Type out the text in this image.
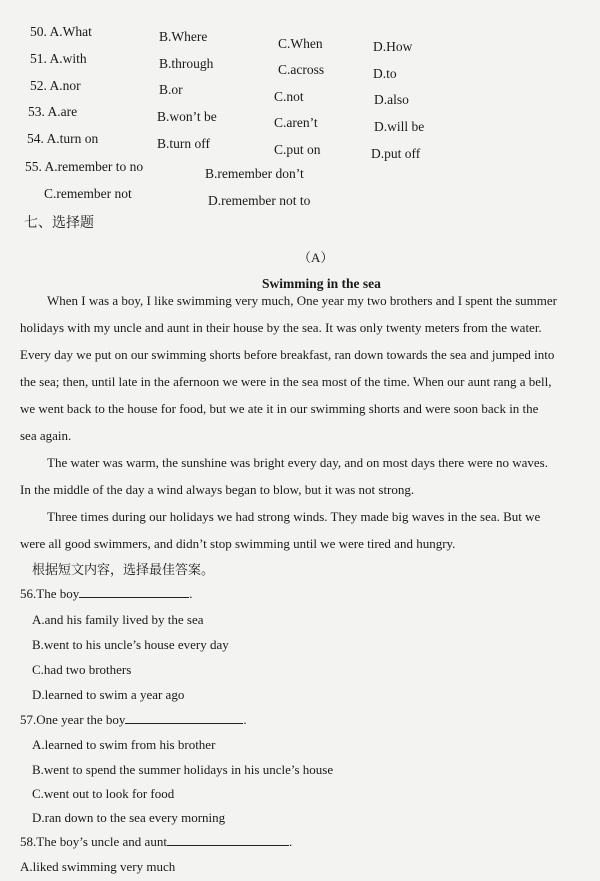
50. A.What	B.Where	C.When	D.How
51. A.with	B.through	C.across	D.to
52. A.nor	B.or	C.not	D.also
53. A.are	B.won’t be	C.aren’t	D.will be
54. A.turn on	B.turn off	C.put on	D.put off
55. A.remember to no	B.remember don’t
C.remember not	D.remember not to
七、选择题
（A）
Swimming in the sea
When I was a boy, I like swimming very much, One year my two brothers and I spent the summer
holidays with my uncle and aunt in their house by the sea. It was only twenty meters from the water.
Every day we put on our swimming shorts before breakfast, ran down towards the sea and jumped into
the sea; then, until late in the afernoon we were in the sea most of the time. When our aunt rang a bell,
we went back to the house for food, but we ate it in our swimming shorts and were soon back in the
sea again.
The water was warm, the sunshine was bright every day, and on most days there were no waves.
In the middle of the day a wind always began to blow, but it was not strong.
Three times during our holidays we had strong winds. They made big waves in the sea. But we
were all good swimmers, and didn’t stop swimming until we were tired and hungry.
根据短文内容，选择最佳答案。
56.The boy	.
A.and his family lived by the sea
B.went to his uncle’s house every day
C.had two brothers
D.learned to swim a year ago
57.One year the boy	.
A.learned to swim from his brother
B.went to spend the summer holidays in his uncle’s house
C.went out to look for food
D.ran down to the sea every morning
58.The boy’s uncle and aunt	.
A.liked swimming very much
